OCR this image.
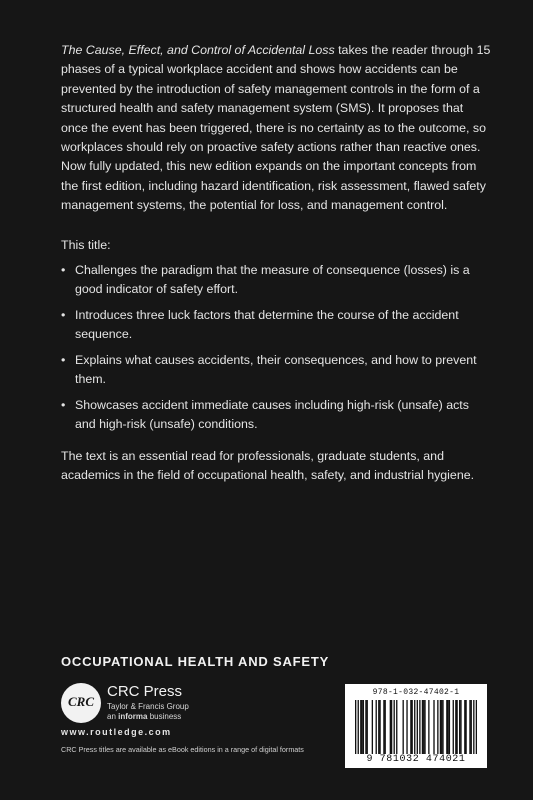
The Cause, Effect, and Control of Accidental Loss takes the reader through 15 phases of a typical workplace accident and shows how accidents can be prevented by the introduction of safety management controls in the form of a structured health and safety management system (SMS). It proposes that once the event has been triggered, there is no certainty as to the outcome, so workplaces should rely on proactive safety actions rather than reactive ones. Now fully updated, this new edition expands on the important concepts from the first edition, including hazard identification, risk assessment, flawed safety management systems, the potential for loss, and management control.

This title:
• Challenges the paradigm that the measure of consequence (losses) is a good indicator of safety effort.
• Introduces three luck factors that determine the course of the accident sequence.
• Explains what causes accidents, their consequences, and how to prevent them.
• Showcases accident immediate causes including high-risk (unsafe) acts and high-risk (unsafe) conditions.
The text is an essential read for professionals, graduate students, and academics in the field of occupational health, safety, and industrial hygiene.
OCCUPATIONAL HEALTH AND SAFETY
CRC
CRC Press
Taylor & Francis Group
an informa business
www.routledge.com
CRC Press titles are available as eBook editions in a range of digital formats
978-1-032-47402-1
9 781032 474021
